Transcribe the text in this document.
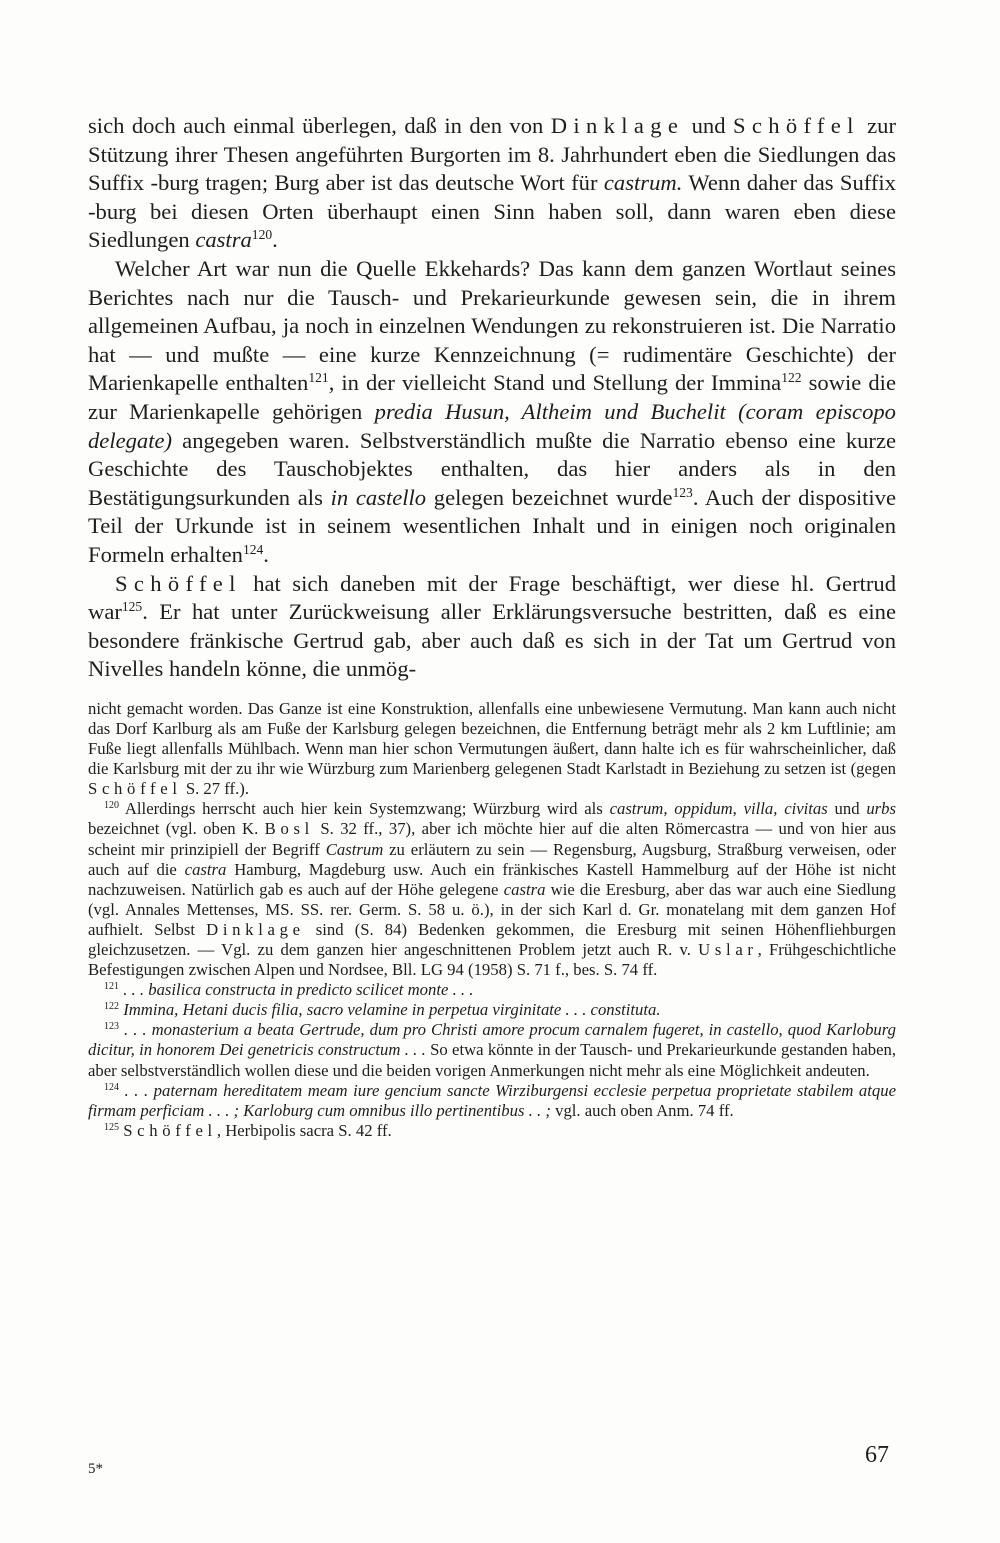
sich doch auch einmal überlegen, daß in den von Dinklage und Schöffel zur Stützung ihrer Thesen angeführten Burgorten im 8. Jahrhundert eben die Siedlungen das Suffix -burg tragen; Burg aber ist das deutsche Wort für castrum. Wenn daher das Suffix -burg bei diesen Orten überhaupt einen Sinn haben soll, dann waren eben diese Siedlungen castra$^{120}$.

Welcher Art war nun die Quelle Ekkehards? Das kann dem ganzen Wortlaut seines Berichtes nach nur die Tausch- und Prekarieurkunde gewesen sein, die in ihrem allgemeinen Aufbau, ja noch in einzelnen Wendungen zu rekonstruieren ist. Die Narratio hat — und mußte — eine kurze Kennzeichnung (= rudimentäre Geschichte) der Marienkapelle enthalten$^{121}$, in der vielleicht Stand und Stellung der Immina$^{122}$ sowie die zur Marienkapelle gehörigen predia Husun, Altheim und Buchelit (coram episcopo delegate) angegeben waren. Selbstverständlich mußte die Narratio ebenso eine kurze Geschichte des Tauschobjektes enthalten, das hier anders als in den Bestätigungsurkunden als in castello gelegen bezeichnet wurde$^{123}$. Auch der dispositive Teil der Urkunde ist in seinem wesentlichen Inhalt und in einigen noch originalen Formeln erhalten$^{124}$.

Schöffel hat sich daneben mit der Frage beschäftigt, wer diese hl. Gertrud war$^{125}$. Er hat unter Zurückweisung aller Erklärungsversuche bestritten, daß es eine besondere fränkische Gertrud gab, aber auch daß es sich in der Tat um Gertrud von Nivelles handeln könne, die unmög-

nicht gemacht worden. Das Ganze ist eine Konstruktion, allenfalls eine unbewiesene Vermutung. Man kann auch nicht das Dorf Karlburg als am Fuße der Karlsburg gelegen bezeichnen, die Entfernung beträgt mehr als 2 km Luftlinie; am Fuße liegt allenfalls Mühlbach. Wenn man hier schon Vermutungen äußert, dann halte ich es für wahrscheinlicher, daß die Karlsburg mit der zu ihr wie Würzburg zum Marienberg gelegenen Stadt Karlstadt in Beziehung zu setzen ist (gegen Schöffel S. 27 ff.).

$^{120}$ Allerdings herrscht auch hier kein Systemzwang; Würzburg wird als castrum, oppidum, villa, civitas und urbs bezeichnet (vgl. oben K. Bosl S. 32 ff., 37), aber ich möchte hier auf die alten Römercastra — und von hier aus scheint mir prinzipiell der Begriff Castrum zu erläutern zu sein — Regensburg, Augsburg, Straßburg verweisen, oder auch auf die castra Hamburg, Magdeburg usw. Auch ein fränkisches Kastell Hammelburg auf der Höhe ist nicht nachzuweisen. Natürlich gab es auch auf der Höhe gelegene castra wie die Eresburg, aber das war auch eine Siedlung (vgl. Annales Mettenses, MS. SS. rer. Germ. S. 58 u. ö.), in der sich Karl d. Gr. monatelang mit dem ganzen Hof aufhielt. Selbst Dinklage sind (S. 84) Bedenken gekommen, die Eresburg mit seinen Höhenfliehburgen gleichzusetzen. — Vgl. zu dem ganzen hier angeschnittenen Problem jetzt auch R. v. Uslar, Frühgeschichtliche Befestigungen zwischen Alpen und Nordsee, Bll. LG 94 (1958) S. 71 f., bes. S. 74 ff.

$^{121}$ . . . basilica constructa in predicto scilicet monte . . .

$^{122}$ Immina, Hetani ducis filia, sacro velamine in perpetua virginitate . . . constituta.

$^{123}$ . . . monasterium a beata Gertrude, dum pro Christi amore procum carnalem fugeret, in castello, quod Karloburg dicitur, in honorem Dei genetricis constructum . . . So etwa könnte in der Tausch- und Prekarieurkunde gestanden haben, aber selbstverständlich wollen diese und die beiden vorigen Anmerkungen nicht mehr als eine Möglichkeit andeuten.

$^{124}$ . . . paternam hereditatem meam iure gencium sancte Wirziburgensi ecclesie perpetua proprietate stabilem atque firmam perficiam . . . ; Karloburg cum omnibus illo pertinentibus . . ; vgl. auch oben Anm. 74 ff.

$^{125}$ Schöffel, Herbipolis sacra S. 42 ff.

67
5*
